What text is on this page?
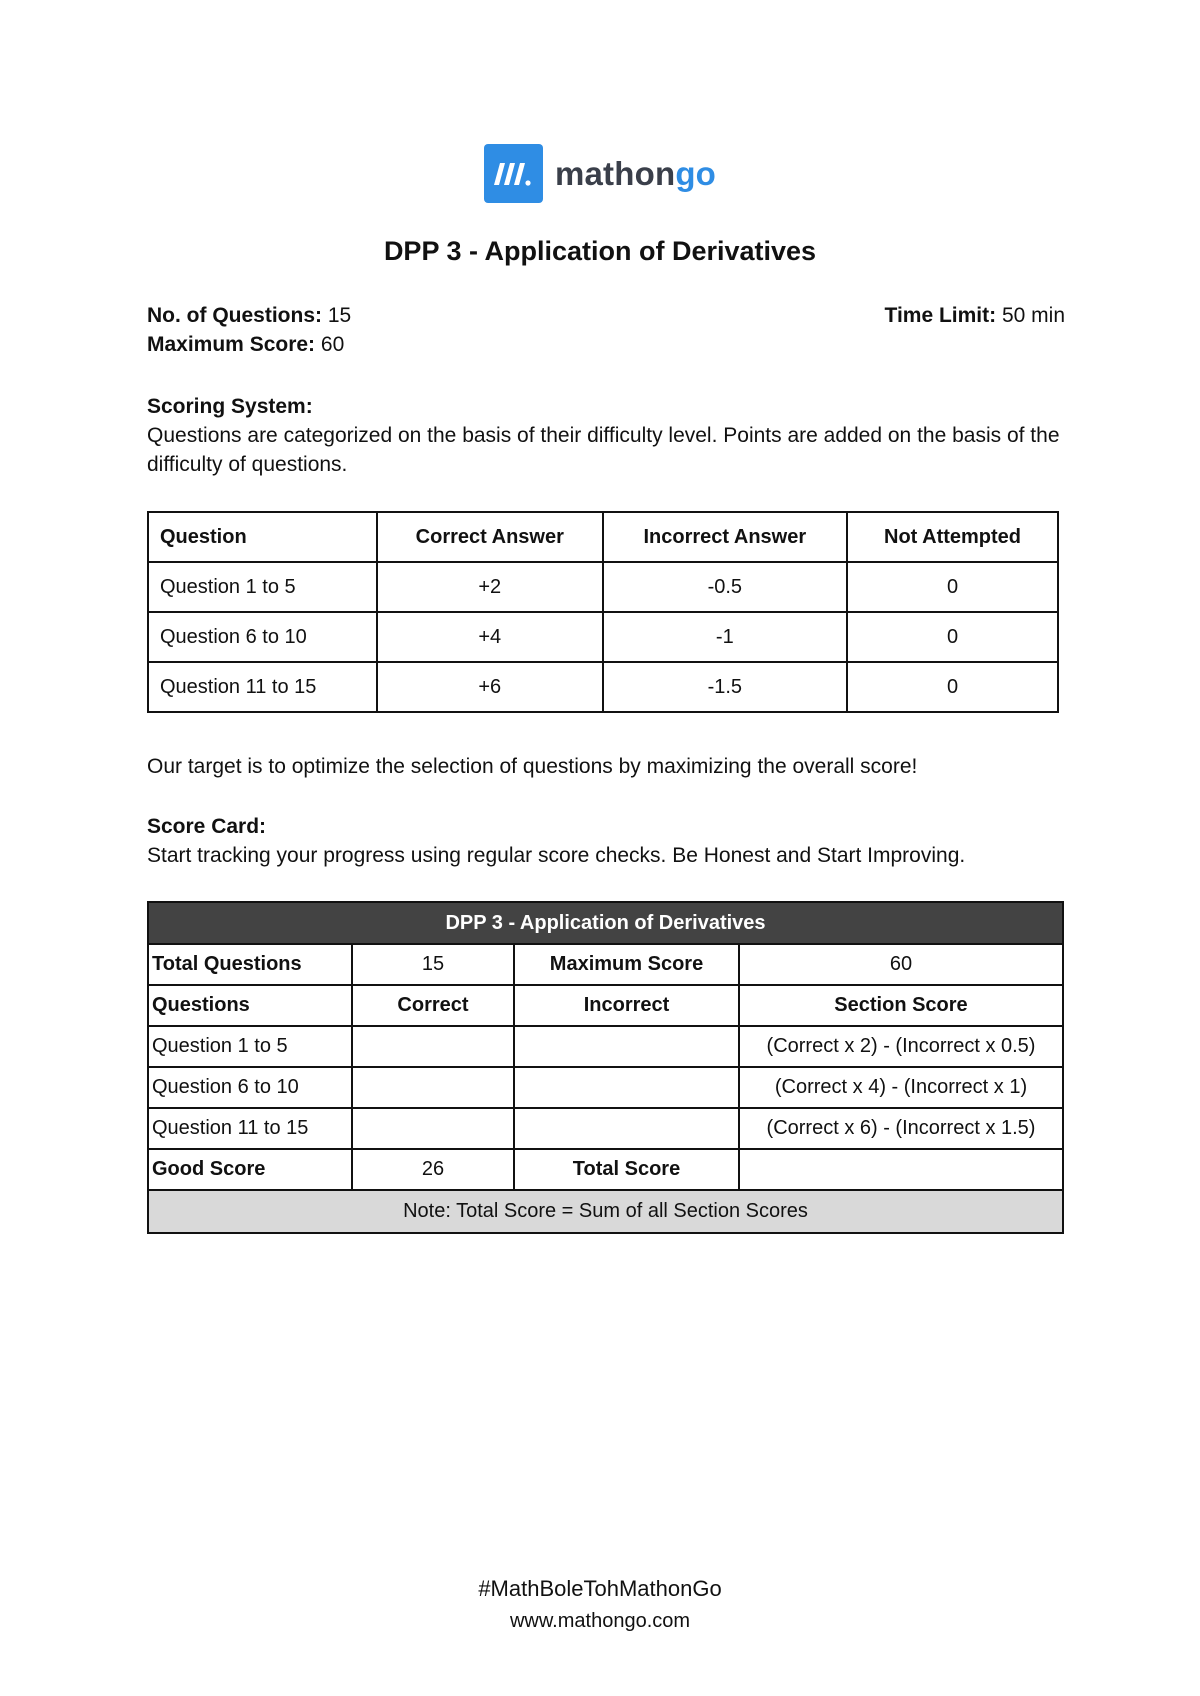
mathongo
DPP 3 - Application of Derivatives
No. of Questions: 15	Time Limit: 50 min
Maximum Score: 60
Scoring System:
Questions are categorized on the basis of their difficulty level. Points are added on the basis of the difficulty of questions.
Question	Correct Answer	Incorrect Answer	Not Attempted
Question 1 to 5	+2	-0.5	0
Question 6 to 10	+4	-1	0
Question 11 to 15	+6	-1.5	0
Our target is to optimize the selection of questions by maximizing the overall score!
Score Card:
Start tracking your progress using regular score checks. Be Honest and Start Improving.
DPP 3 - Application of Derivatives			
Total Questions	15	Maximum Score	60
Questions	Correct	Incorrect	Section Score
Question 1 to 5			(Correct x 2) - (Incorrect x 0.5)
Question 6 to 10			(Correct x 4) - (Incorrect x 1)
Question 11 to 15			(Correct x 6) - (Incorrect x 1.5)
Good Score	26	Total Score	
Note: Total Score = Sum of all Section Scores			
#MathBoleTohMathonGo
www.mathongo.com
